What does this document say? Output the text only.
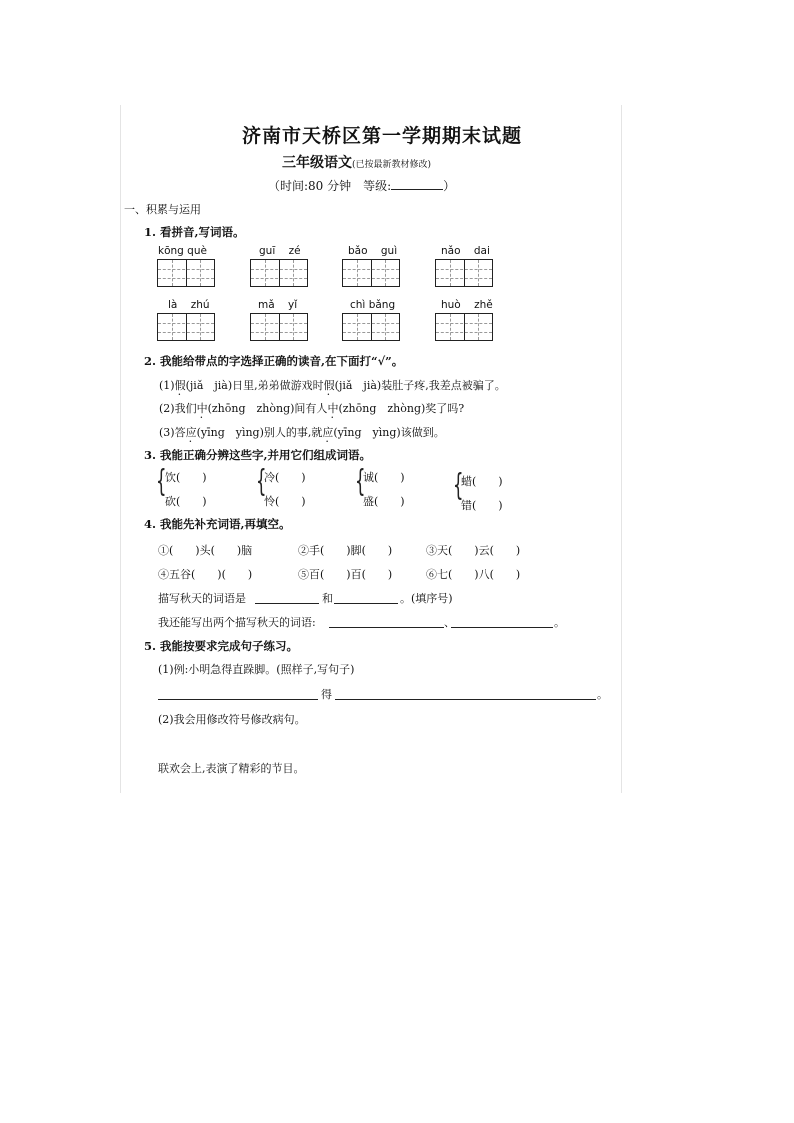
济南市天桥区第一学期期末试题
三年级语文(已按最新教材修改)
（时间:80 分钟　等级:	）
一、积累与运用
1. 看拼音,写词语。
kōng què	guī zé	bǎo guì	nǎo dai
là zhú	mǎ yǐ	chì bǎng	huò zhě
2. 我能给带点的字选择正确的读音,在下面打“√”。
(1)假(jiǎ　jià)日里,弟弟做游戏时假(jiǎ　jià)装肚子疼,我差点被骗了。
(2)我们中(zhōng　zhòng)间有人中(zhōng　zhòng)奖了吗?
(3)答应(yīng　yìng)别人的事,就应(yīng　yìng)该做到。
3. 我能正确分辨这些字,并用它们组成词语。
{
饮(　　)
砍(　　)
{
冷(　　)
怜(　　)
{
诚(　　)
盛(　　) {
蜡(　　)
错(　　)
4. 我能先补充词语,再填空。
①(　　)头(　　)脑	②手(　　)脚(　　)	③天(　　)云(　　)
④五谷(　　)(　　)	⑤百(　　)百(　　)	⑥七(　　)八(　　)
描写秋天的词语是	和	。(填序号)
我还能写出两个描写秋天的词语:	、	。
5. 我能按要求完成句子练习。
(1)例:小明急得直跺脚。(照样子,写句子)
得	。
(2)我会用修改符号修改病句。
联欢会上,表演了精彩的节目。
